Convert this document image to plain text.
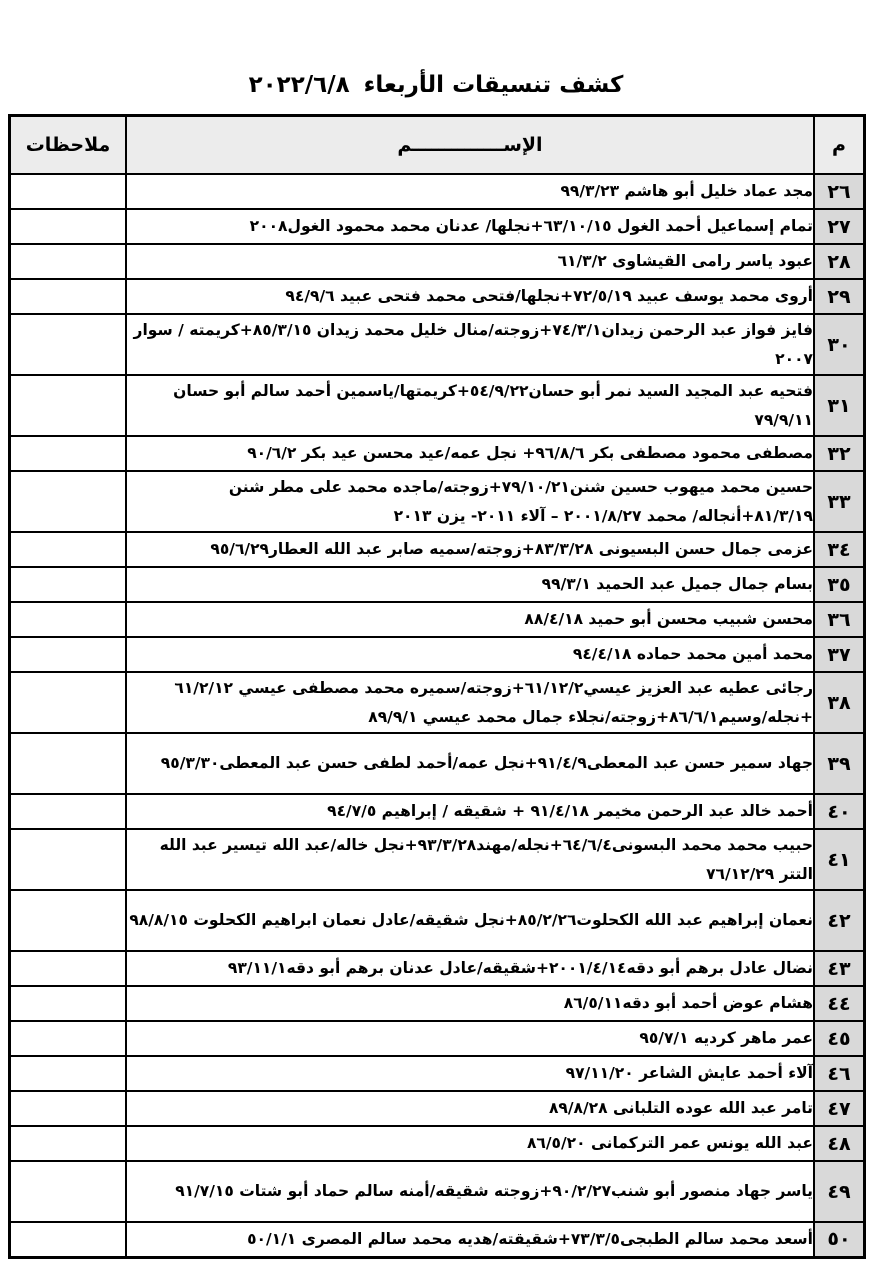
كشف تنسيقات الأربعاء ٢٠٢٢/٦/٨
م	الإســــــــــــــم	ملاحظات
٢٦	مجد عماد خليل أبو هاشم ٩٩/٣/٢٣	
٢٧	تمام إسماعيل أحمد الغول ٦٣/١٠/١٥+نجلها/ عدنان محمد محمود الغول٢٠٠٨	
٢٨	عبود ياسر رامى القيشاوى ٦١/٣/٢	
٢٩	أروى محمد يوسف عبيد ٧٢/٥/١٩+نجلها/فتحى محمد فتحى عبيد ٩٤/٩/٦	
٣٠	فايز فواز عبد الرحمن زيدان٧٤/٣/١+زوجته/منال خليل محمد زيدان ٨٥/٣/١٥+كريمته / سوار ٢٠٠٧	
٣١	فتحيه عبد المجيد السيد نمر أبو حسان٥٤/٩/٢٢+كريمتها/ياسمين أحمد سالم أبو حسان ٧٩/٩/١١	
٣٢	مصطفى محمود مصطفى بكر ٩٦/٨/٦+ نجل عمه/عيد محسن عيد بكر ٩٠/٦/٢	
٣٣	حسين محمد ميهوب حسين شنن٧٩/١٠/٢١+زوجته/ماجده محمد على مطر شنن ٨١/٣/١٩+أنجاله/ محمد ٢٠٠١/٨/٢٧ – آلاء ٢٠١١- يزن ٢٠١٣	
٣٤	عزمى جمال حسن البسيونى ٨٣/٣/٢٨+زوجته/سميه صابر عبد الله العطار٩٥/٦/٢٩	
٣٥	بسام جمال جميل عبد الحميد ٩٩/٣/١	
٣٦	محسن شبيب محسن أبو حميد ٨٨/٤/١٨	
٣٧	محمد أمين محمد حماده ٩٤/٤/١٨	
٣٨	رجائى عطيه عبد العزيز عيسي٦١/١٢/٢+زوجته/سميره محمد مصطفى عيسي ٦١/٢/١٢ +نجله/وسيم٨٦/٦/١+زوجته/نجلاء جمال محمد عيسي ٨٩/٩/١	
٣٩	جهاد سمير حسن عبد المعطى٩١/٤/٩+نجل عمه/أحمد لطفى حسن عبد المعطى٩٥/٣/٣٠	
٤٠	أحمد خالد عبد الرحمن مخيمر ٩١/٤/١٨ + شقيقه / إبراهيم ٩٤/٧/٥	
٤١	حبيب محمد محمد البسونى٦٤/٦/٤+نجله/مهند٩٣/٣/٢٨+نجل خاله/عبد الله تيسير عبد الله التتر ٧٦/١٢/٢٩	
٤٢	نعمان إبراهيم عبد الله الكحلوت٨٥/٢/٢٦+نجل شقيقه/عادل نعمان ابراهيم الكحلوت ٩٨/٨/١٥	
٤٣	نضال عادل برهم أبو دقه٢٠٠١/٤/١٤+شقيقه/عادل عدنان برهم أبو دقه٩٣/١١/١	
٤٤	هشام عوض أحمد أبو دقه٨٦/٥/١١	
٤٥	عمر ماهر كرديه ٩٥/٧/١	
٤٦	آلاء أحمد عايش الشاعر ٩٧/١١/٢٠	
٤٧	تامر عبد الله عوده التلبانى ٨٩/٨/٢٨	
٤٨	عبد الله يونس عمر التركمانى ٨٦/٥/٢٠	
٤٩	ياسر جهاد منصور أبو شنب٩٠/٢/٢٧+زوجته شقيقه/أمنه سالم حماد أبو شتات ٩١/٧/١٥	
٥٠	أسعد محمد سالم الطبجى٧٣/٣/٥+شقيقته/هديه محمد سالم المصرى ٥٠/١/١	
